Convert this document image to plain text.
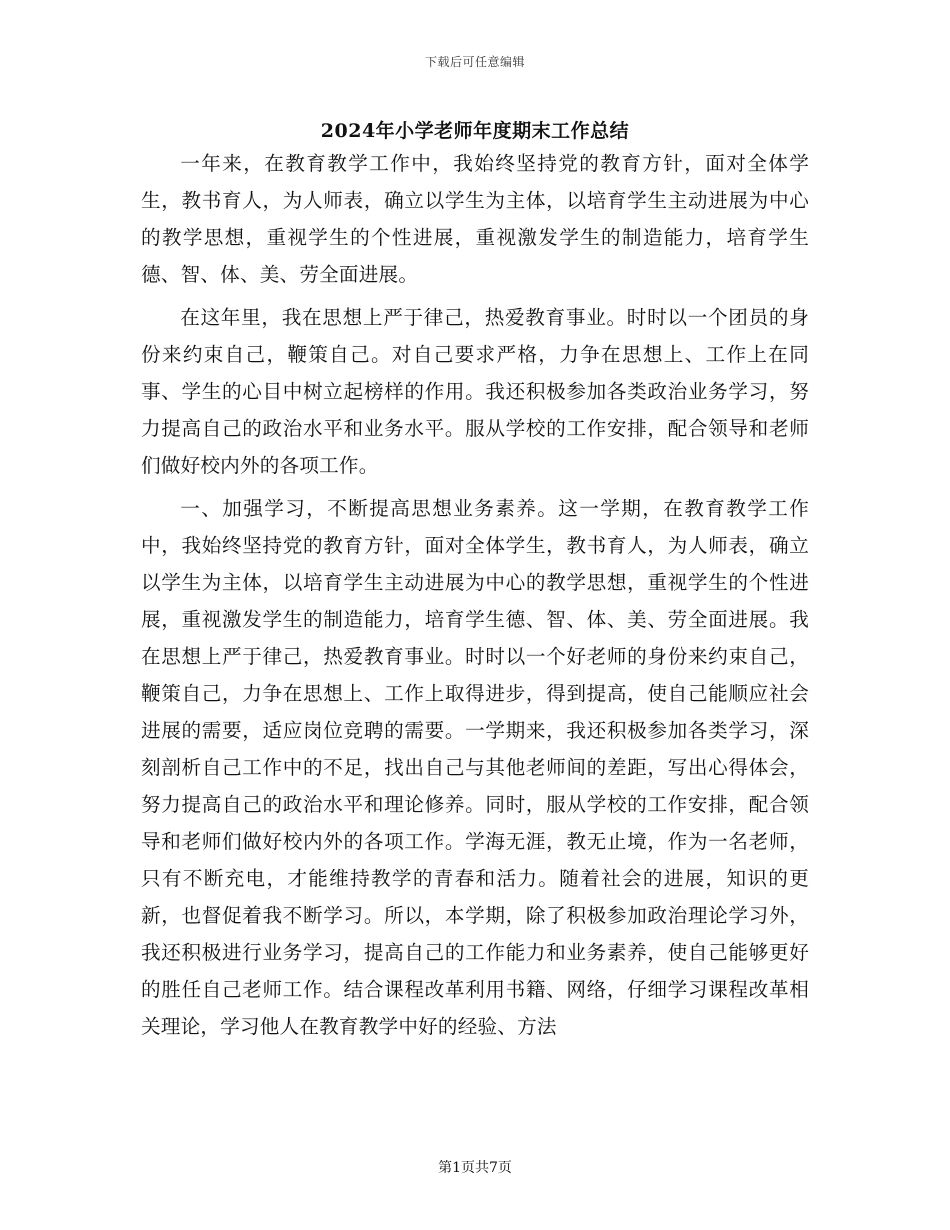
下载后可任意编辑
2024年小学老师年度期末工作总结

一年来，在教育教学工作中，我始终坚持党的教育方针，面对全体学生，教书育人，为人师表，确立以学生为主体，以培育学生主动进展为中心的教学思想，重视学生的个性进展，重视激发学生的制造能力，培育学生德、智、体、美、劳全面进展。

在这年里，我在思想上严于律己，热爱教育事业。时时以一个团员的身份来约束自己，鞭策自己。对自己要求严格，力争在思想上、工作上在同事、学生的心目中树立起榜样的作用。我还积极参加各类政治业务学习，努力提高自己的政治水平和业务水平。服从学校的工作安排，配合领导和老师们做好校内外的各项工作。

一、加强学习，不断提高思想业务素养。这一学期，在教育教学工作中，我始终坚持党的教育方针，面对全体学生，教书育人，为人师表，确立以学生为主体，以培育学生主动进展为中心的教学思想，重视学生的个性进展，重视激发学生的制造能力，培育学生德、智、体、美、劳全面进展。我在思想上严于律己，热爱教育事业。时时以一个好老师的身份来约束自己，鞭策自己，力争在思想上、工作上取得进步，得到提高，使自己能顺应社会进展的需要，适应岗位竞聘的需要。一学期来，我还积极参加各类学习，深刻剖析自己工作中的不足，找出自己与其他老师间的差距，写出心得体会，努力提高自己的政治水平和理论修养。同时，服从学校的工作安排，配合领导和老师们做好校内外的各项工作。学海无涯，教无止境，作为一名老师，只有不断充电，才能维持教学的青春和活力。随着社会的进展，知识的更新，也督促着我不断学习。所以，本学期，除了积极参加政治理论学习外，我还积极进行业务学习，提高自己的工作能力和业务素养，使自己能够更好的胜任自己老师工作。结合课程改革利用书籍、网络，仔细学习课程改革相关理论，学习他人在教育教学中好的经验、方法

第1页共7页
